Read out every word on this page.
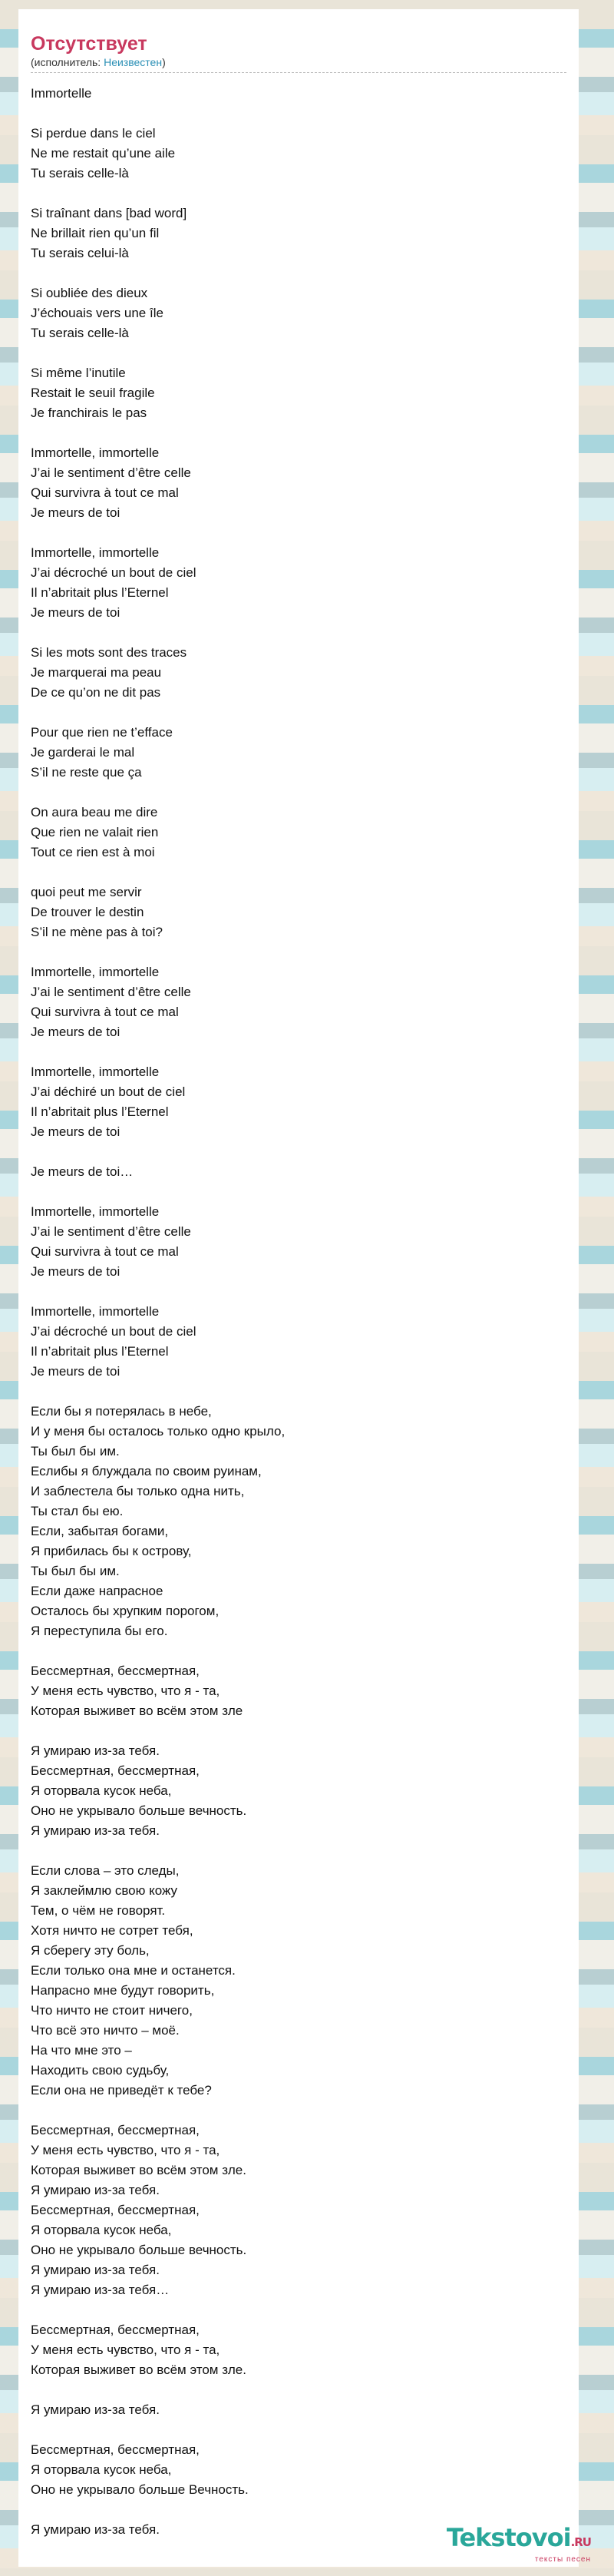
Отсутствует
(исполнитель: Неизвестен)
Immortelle
Si perdue dans le ciel
Ne me restait qu’une aile
Tu serais celle-là
Si traînant dans [bad word]
Ne brillait rien qu’un fil
Tu serais celui-là
Si oubliée des dieux
J’échouais vers une île
Tu serais celle-là
Si même l’inutile
Restait le seuil fragile
Je franchirais le pas
Immortelle, immortelle
J’ai le sentiment d’être celle
Qui survivra à tout ce mal
Je meurs de toi
Immortelle, immortelle
J’ai décroché un bout de ciel
Il n’abritait plus l’Eternel
Je meurs de toi
Si les mots sont des traces
Je marquerai ma peau
De ce qu’on ne dit pas
Pour que rien ne t’efface
Je garderai le mal
S’il ne reste que ça
On aura beau me dire
Que rien ne valait rien
Tout ce rien est à moi
quoi peut me servir
De trouver le destin
S’il ne mène pas à toi?
Immortelle, immortelle
J’ai le sentiment d’être celle
Qui survivra à tout ce mal
Je meurs de toi
Immortelle, immortelle
J’ai déchiré un bout de ciel
Il n’abritait plus l’Eternel
Je meurs de toi
Je meurs de toi…
Immortelle, immortelle
J’ai le sentiment d’être celle
Qui survivra à tout ce mal
Je meurs de toi
Immortelle, immortelle
J’ai décroché un bout de ciel
Il n’abritait plus l’Eternel
Je meurs de toi
Если бы я потерялась в небе,
И у меня бы осталось только одно крыло,
Ты был бы им.
Еслибы я блуждала по своим руинам,
И заблестела бы только одна нить,
Ты стал бы ею.
Если, забытая богами,
Я прибилась бы к острову,
Ты был бы им.
Если даже напрасное
Осталось бы хрупким порогом,
Я переступила бы его.
Бессмертная, бессмертная,
У меня есть чувство, что я - та,
Которая выживет во всём этом зле
Я умираю из-за тебя.
Бессмертная, бессмертная,
Я оторвала кусок неба,
Оно не укрывало больше вечность.
Я умираю из-за тебя.
Если слова – это следы,
Я заклеймлю свою кожу
Тем, о чём не говорят.
Хотя ничто не сотрет тебя,
Я сберегу эту боль,
Если только она мне и останется.
Напрасно мне будут говорить,
Что ничто не стоит ничего,
Что всё это ничто – моё.
На что мне это –
Находить свою судьбу,
Если она не приведёт к тебе?
Бессмертная, бессмертная,
У меня есть чувство, что я - та,
Которая выживет во всём этом зле.
Я умираю из-за тебя.
Бессмертная, бессмертная,
Я оторвала кусок неба,
Оно не укрывало больше вечность.
Я умираю из-за тебя.
Я умираю из-за тебя…
Бессмертная, бессмертная,
У меня есть чувство, что я - та,
Которая выживет во всём этом зле.
Я умираю из-за тебя.
Бессмертная, бессмертная,
Я оторвала кусок неба,
Оно не укрывало больше Вечность.
Я умираю из-за тебя.	Tekstovoi.RU
тексты песен
